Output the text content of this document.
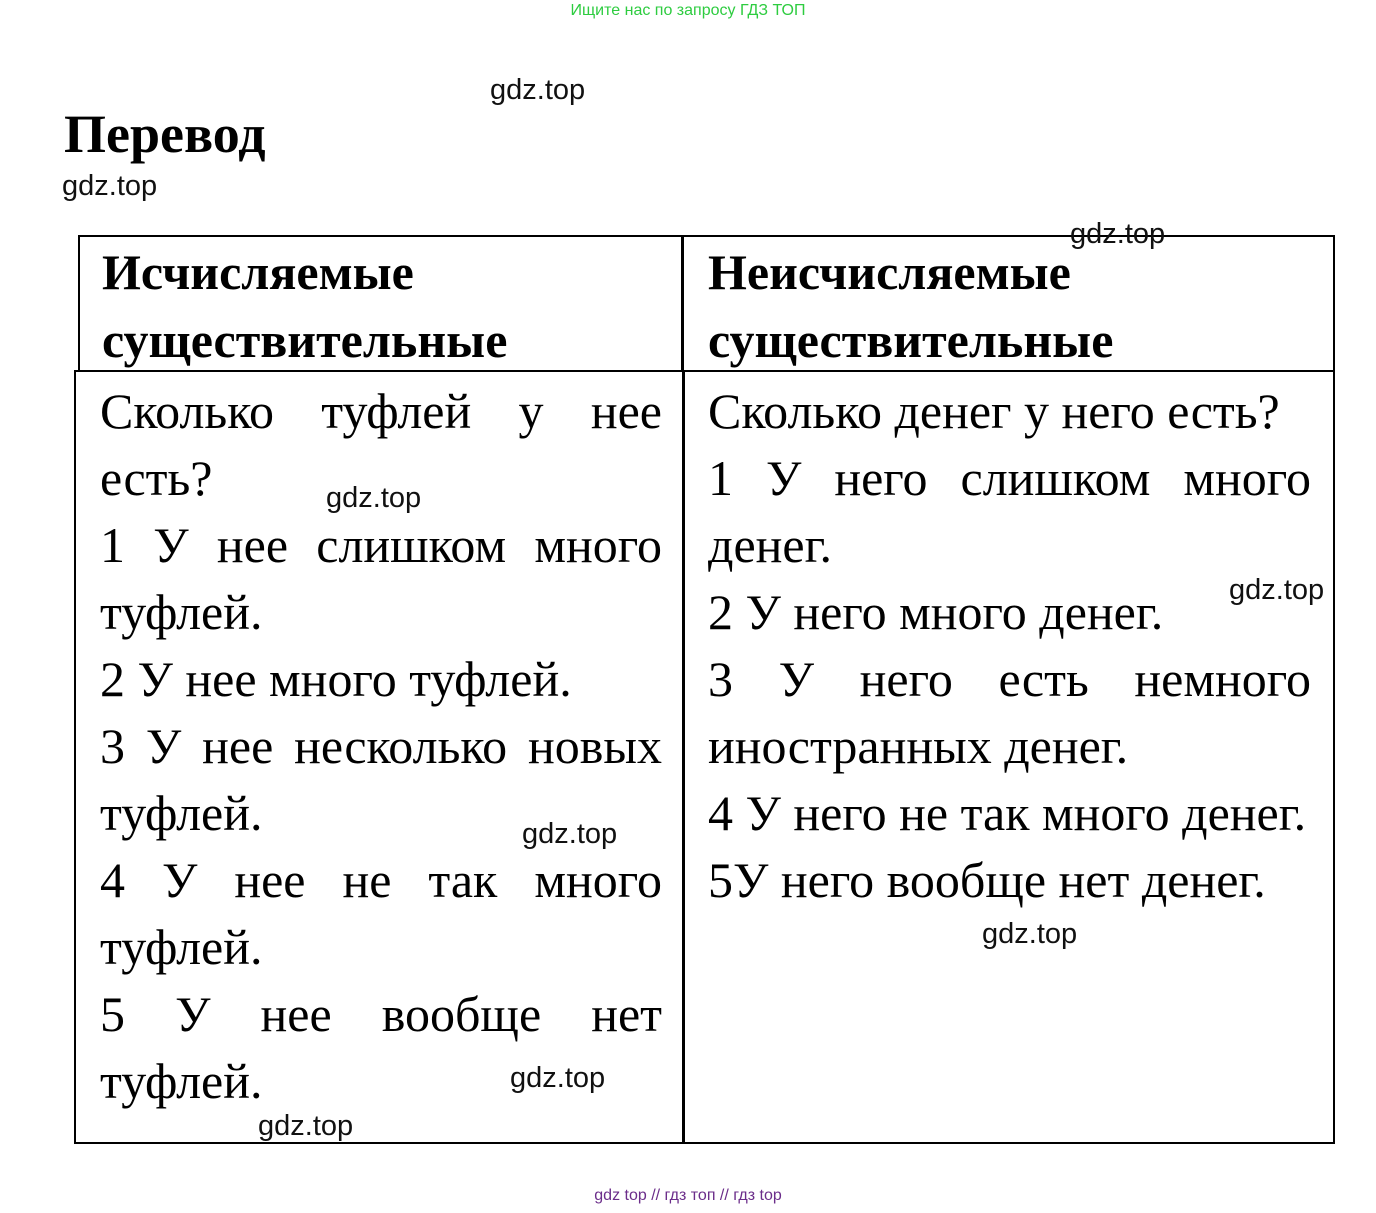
Ищите нас по запросу ГДЗ ТОП
Перевод
Исчисляемые
существительные
Неисчисляемые
существительные

Сколько туфлей у нее есть?

1 У нее слишком много туфлей.

2 У нее много туфлей.

3 У нее несколько новых туфлей.

4 У нее не так много туфлей.

5 У нее вообще нет туфлей.

Сколько денег у него есть?

1 У него слишком много денег.

2 У него много денег.

3 У него есть немного иностранных денег.

4 У него не так много денег.

5У него вообще нет денег.

gdz.top
gdz.top
gdz.top
gdz.top
gdz.top
gdz.top
gdz.top
gdz.top
gdz.top
gdz top // гдз топ // гдз top
